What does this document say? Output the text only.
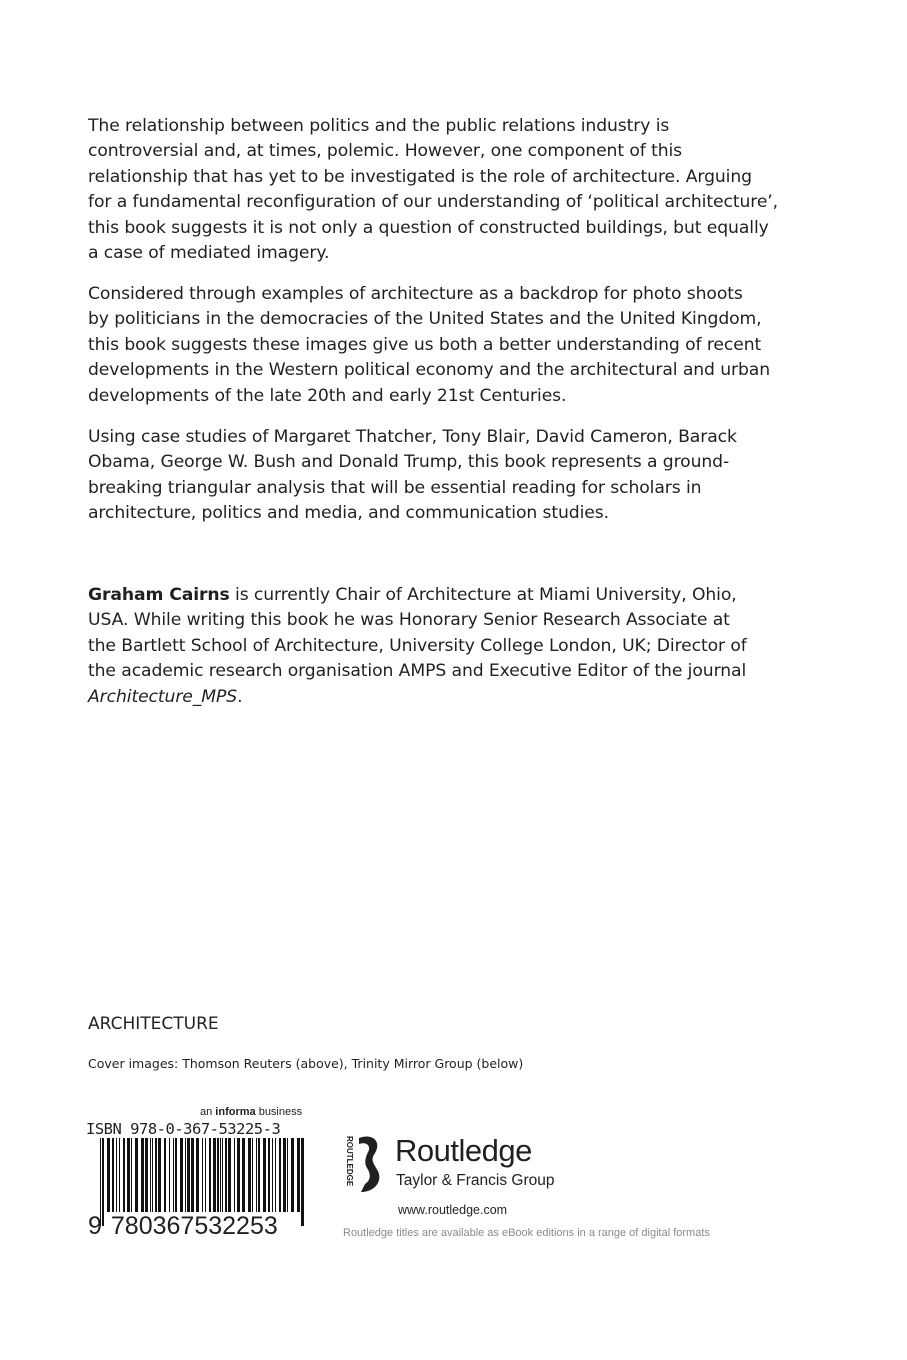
The relationship between politics and the public relations industry is
controversial and, at times, polemic. However, one component of this
relationship that has yet to be investigated is the role of architecture. Arguing
for a fundamental reconfiguration of our understanding of ‘political architecture’,
this book suggests it is not only a question of constructed buildings, but equally
a case of mediated imagery.
Considered through examples of architecture as a backdrop for photo shoots
by politicians in the democracies of the United States and the United Kingdom,
this book suggests these images give us both a better understanding of recent
developments in the Western political economy and the architectural and urban
developments of the late 20th and early 21st Centuries.
Using case studies of Margaret Thatcher, Tony Blair, David Cameron, Barack
Obama, George W. Bush and Donald Trump, this book represents a ground-
breaking triangular analysis that will be essential reading for scholars in
architecture, politics and media, and communication studies.
Graham Cairns is currently Chair of Architecture at Miami University, Ohio,
USA. While writing this book he was Honorary Senior Research Associate at
the Bartlett School of Architecture, University College London, UK; Director of
the academic research organisation AMPS and Executive Editor of the journal
Architecture_MPS.
ARCHITECTURE
Cover images: Thomson Reuters (above), Trinity Mirror Group (below)
an informa business
ISBN 978-0-367-53225-3
9 780367532253
ROUTLEDGE Routledge
Taylor & Francis Group
www.routledge.com
Routledge titles are available as eBook editions in a range of digital formats
